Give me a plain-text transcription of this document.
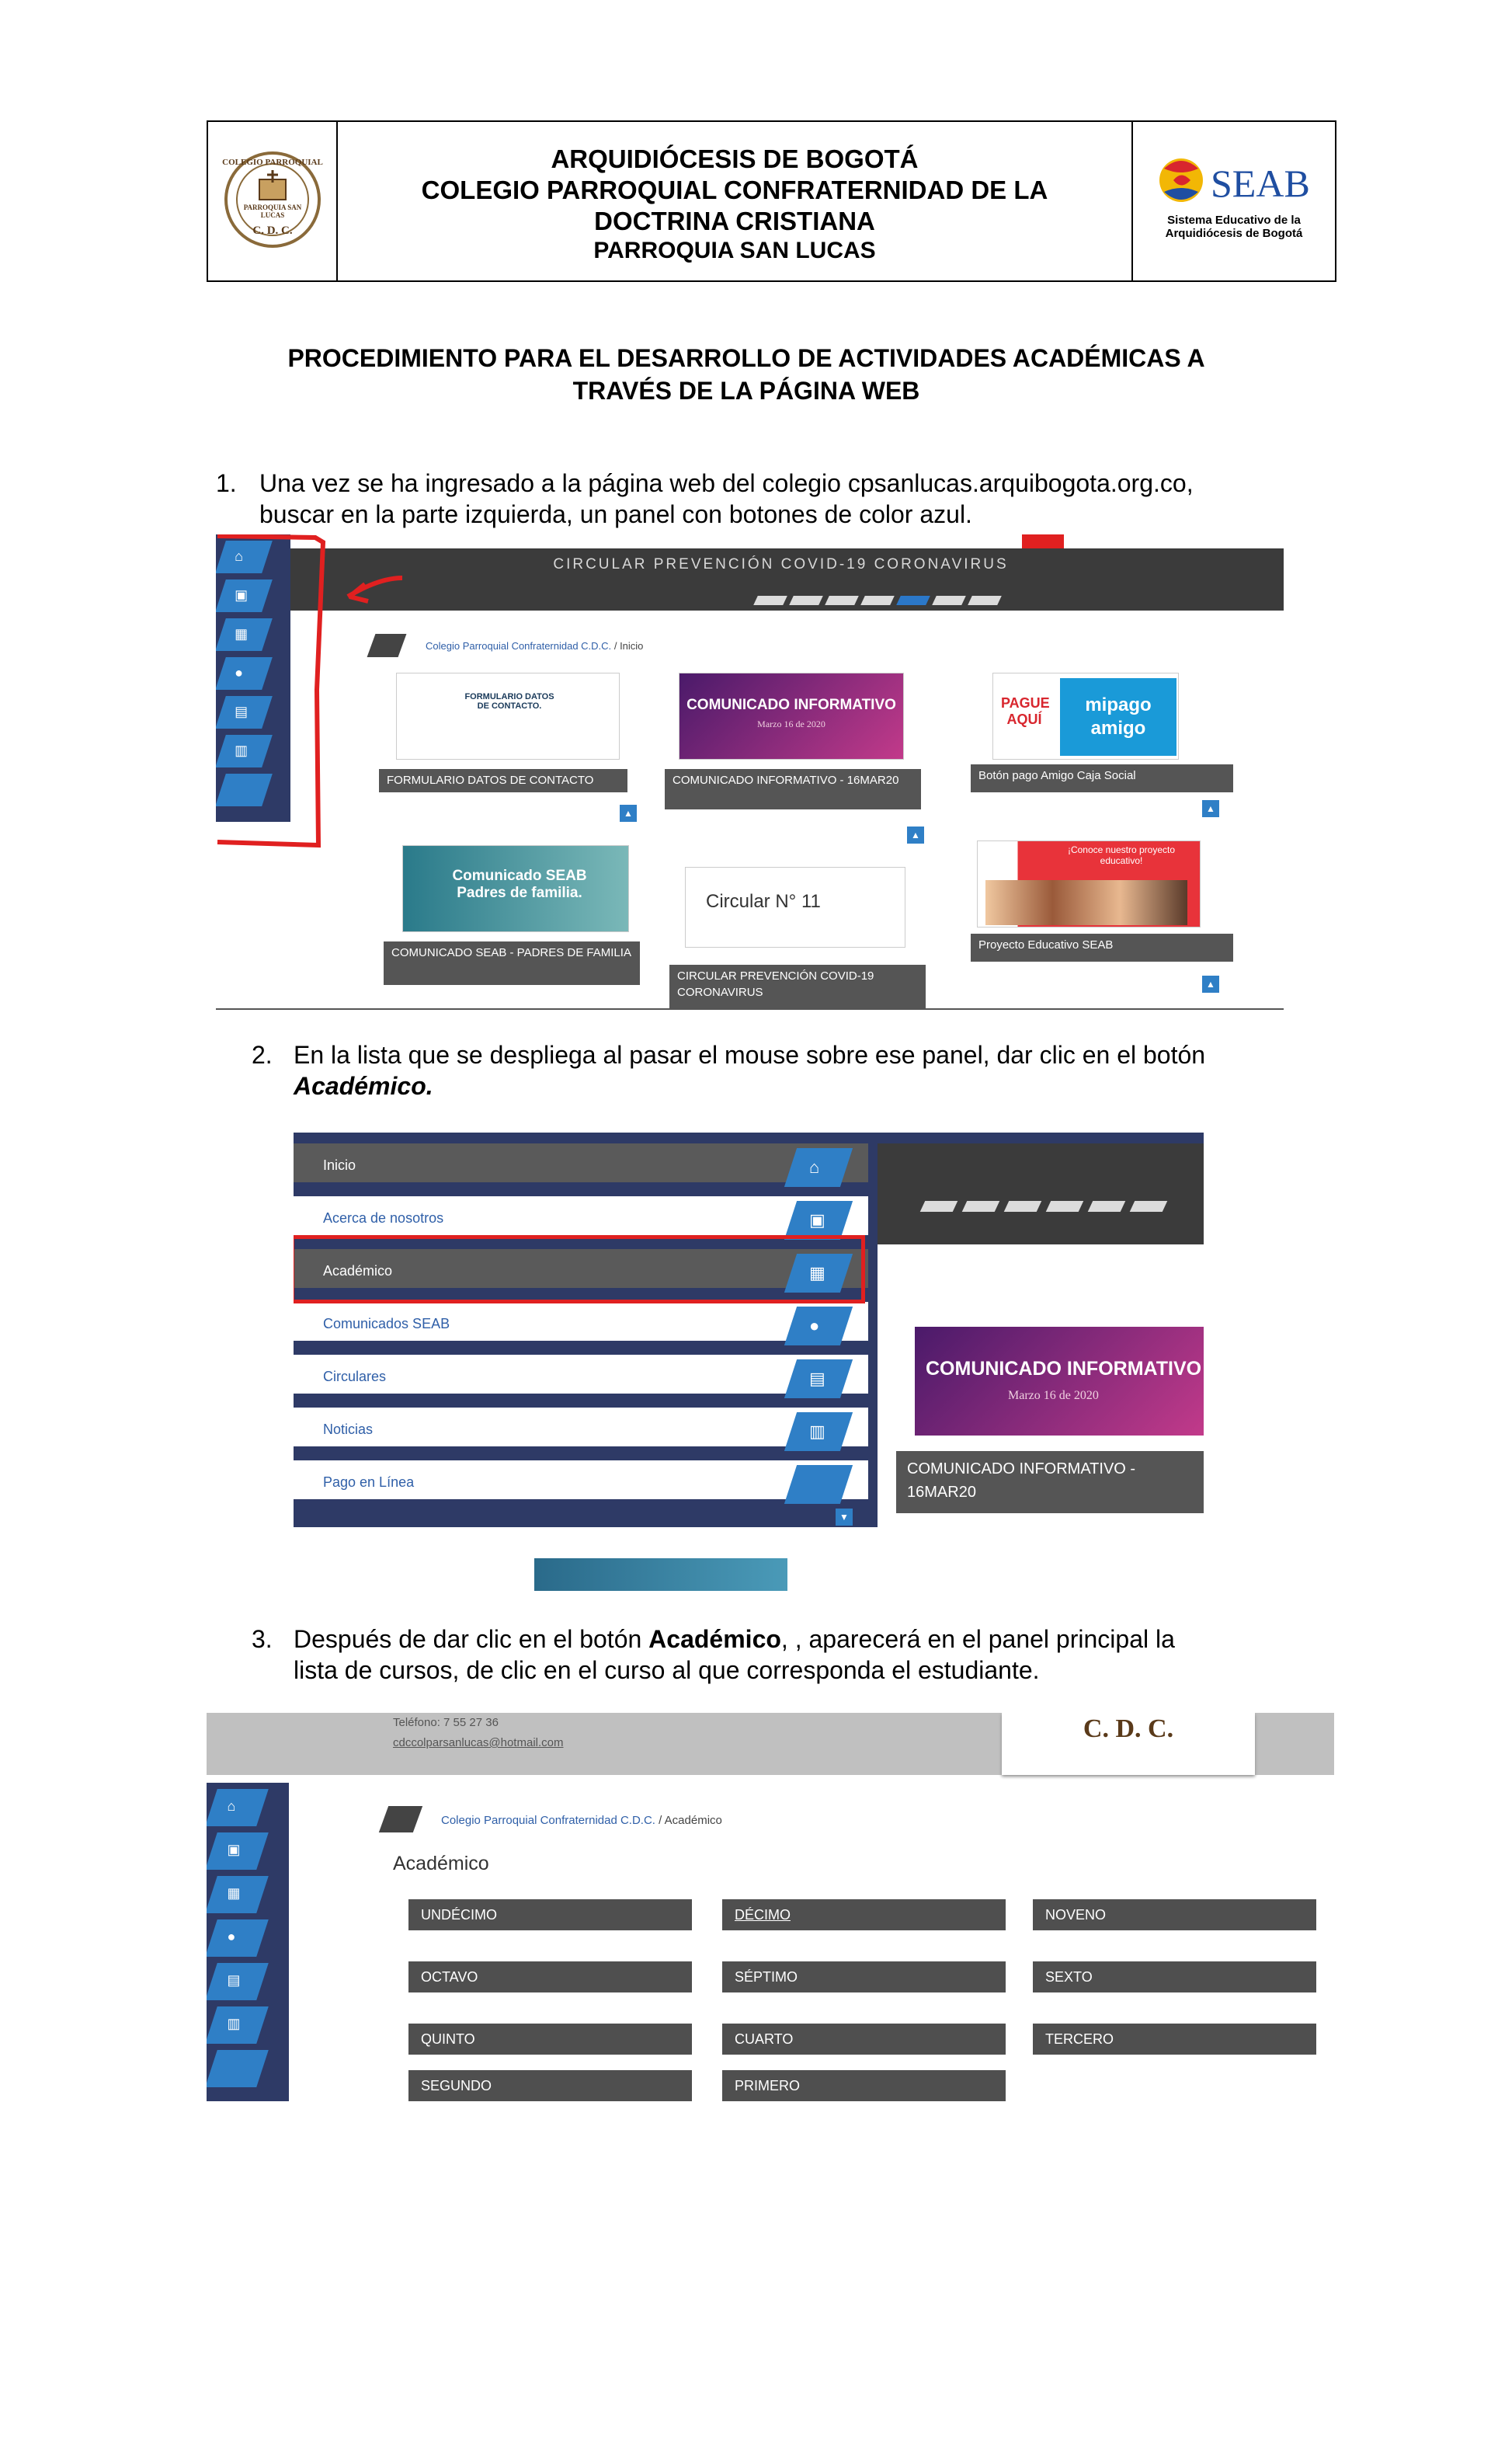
COLEGIO PARROQUIAL
PARROQUIA SAN LUCAS
C. D. C.
ARQUIDIÓCESIS DE BOGOTÁ
COLEGIO PARROQUIAL CONFRATERNIDAD DE LA
DOCTRINA CRISTIANA
PARROQUIA SAN LUCAS
SEAB
Sistema Educativo de la
Arquidiócesis de Bogotá
PROCEDIMIENTO PARA EL DESARROLLO DE ACTIVIDADES ACADÉMICAS A
TRAVÉS DE LA PÁGINA WEB
1. Una vez se ha ingresado a la página web del colegio cpsanlucas.arquibogota.org.co,
buscar en la parte izquierda, un panel con botones de color azul.
CIRCULAR PREVENCIÓN COVID-19 CORONAVIRUS
⌂
▣
▦
●
▤
▥
Colegio Parroquial Confraternidad C.D.C. / Inicio
FORMULARIO DATOS DE CONTACTO.
FORMULARIO DATOS DE CONTACTO
COMUNICADO INFORMATIVO
Marzo 16 de 2020
COMUNICADO INFORMATIVO - 16MAR20
PAGUE AQUÍ
mipago amigo
Botón pago Amigo Caja Social
▲
▲
▲
Comunicado SEAB Padres de familia.
COMUNICADO SEAB - PADRES DE FAMILIA
Circular N° 11
CIRCULAR PREVENCIÓN COVID-19 CORONAVIRUS
¡Conoce nuestro proyecto educativo!
Proyecto Educativo SEAB
▲
2. En la lista que se despliega al pasar el mouse sobre ese panel, dar clic en el botón
Académico.
Inicio
Acerca de nosotros
Académico
Comunicados SEAB
Circulares
Noticias
Pago en Línea
⌂
▣
▦
●
▤
▥
▼
COMUNICADO INFORMATIVO
Marzo 16 de 2020
COMUNICADO INFORMATIVO - 16MAR20
3. Después de dar clic en el botón Académico, , aparecerá en el panel principal la
lista de cursos, de clic en el curso al que corresponda el estudiante.
Teléfono: 7 55 27 36
cdccolparsanlucas@hotmail.com	C. D. C.
⌂
▣
▦
●
▤
▥
Colegio Parroquial Confraternidad C.D.C. / Académico
Académico
UNDÉCIMO	DÉCIMO	NOVENO
OCTAVO	SÉPTIMO	SEXTO
QUINTO	CUARTO	TERCERO
SEGUNDO	PRIMERO
